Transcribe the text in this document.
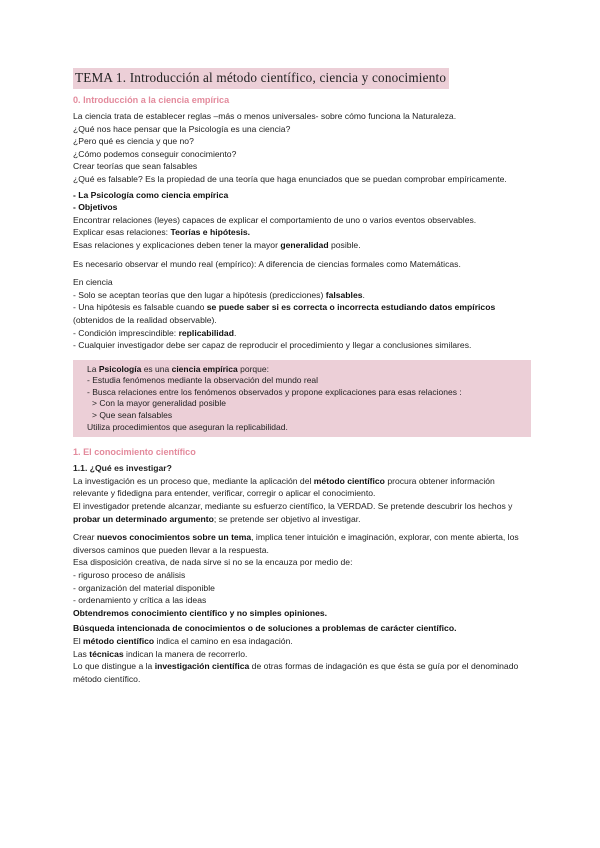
TEMA 1. Introducción al método científico, ciencia y conocimiento
0. Introducción a la ciencia empírica

La ciencia trata de establecer reglas –más o menos universales- sobre cómo funciona la Naturaleza.

¿Qué nos hace pensar que la Psicología es una ciencia?

¿Pero qué es ciencia y que no?

¿Cómo podemos conseguir conocimiento?

Crear teorías que sean falsables

¿Qué es falsable? Es la propiedad de una teoría que haga enunciados que se puedan comprobar empíricamente.

- La Psicología como ciencia empírica

- Objetivos

Encontrar relaciones (leyes) capaces de explicar el comportamiento de uno o varios eventos observables.

Explicar esas relaciones: Teorías e hipótesis.

Esas relaciones y explicaciones deben tener la mayor generalidad posible.

Es necesario observar el mundo real (empírico): A diferencia de ciencias formales como Matemáticas.

En ciencia

- Solo se aceptan teorías que den lugar a hipótesis (predicciones) falsables.

- Una hipótesis es falsable cuando se puede saber si es correcta o incorrecta estudiando datos empíricos (obtenidos de la realidad observable).

- Condición imprescindible: replicabilidad.

- Cualquier investigador debe ser capaz de reproducir el procedimiento y llegar a conclusiones similares.

La Psicología es una ciencia empírica porque:

- Estudia fenómenos mediante la observación del mundo real

- Busca relaciones entre los fenómenos observados y propone explicaciones para esas relaciones :

> Con la mayor generalidad posible

> Que sean falsables

Utiliza procedimientos que aseguran la replicabilidad.

1. El conocimiento científico

1.1. ¿Qué es investigar?

La investigación es un proceso que, mediante la aplicación del método científico procura obtener información relevante y fidedigna para entender, verificar, corregir o aplicar el conocimiento.

El investigador pretende alcanzar, mediante su esfuerzo científico, la VERDAD. Se pretende descubrir los hechos y probar un determinado argumento; se pretende ser objetivo al investigar.

Crear nuevos conocimientos sobre un tema, implica tener intuición e imaginación, explorar, con mente abierta, los diversos caminos que pueden llevar a la respuesta.

Esa disposición creativa, de nada sirve si no se la encauza por medio de:

- riguroso proceso de análisis

- organización del material disponible

- ordenamiento y crítica a las ideas

Obtendremos conocimiento científico y no simples opiniones.

Búsqueda intencionada de conocimientos o de soluciones a problemas de carácter científico.

El método científico indica el camino en esa indagación.

Las técnicas indican la manera de recorrerlo.

Lo que distingue a la investigación científica de otras formas de indagación es que ésta se guía por el denominado método científico.
